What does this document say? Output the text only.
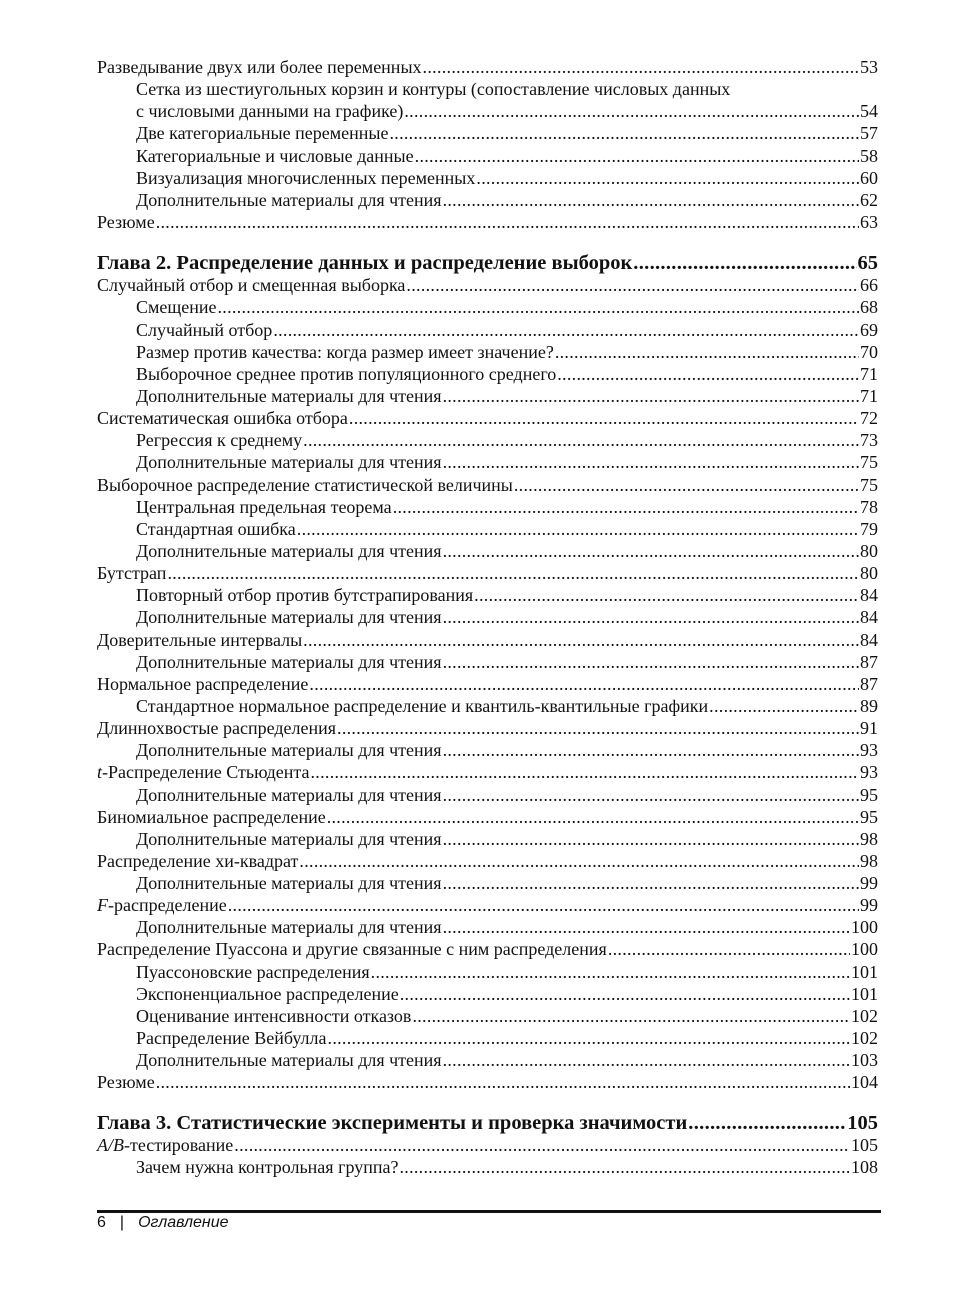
Разведывание двух или более переменных .....	53
Сетка из шестиугольных корзин и контуры (сопоставление числовых данных
с числовыми данными на графике) .....	54
Две категориальные переменные .....	57
Категориальные и числовые данные .....	58
Визуализация многочисленных переменных .....	60
Дополнительные материалы для чтения .....	62
Резюме .....	63
Глава 2. Распределение данных и распределение выборок .....	65
Случайный отбор и смещенная выборка .....	66
Смещение .....	68
Случайный отбор .....	69
Размер против качества: когда размер имеет значение? .....	70
Выборочное среднее против популяционного среднего .....	71
Дополнительные материалы для чтения .....	71
Систематическая ошибка отбора .....	72
Регрессия к среднему .....	73
Дополнительные материалы для чтения .....	75
Выборочное распределение статистической величины .....	75
Центральная предельная теорема .....	78
Стандартная ошибка .....	79
Дополнительные материалы для чтения .....	80
Бутстрап .....	80
Повторный отбор против бутстрапирования .....	84
Дополнительные материалы для чтения .....	84
Доверительные интервалы .....	84
Дополнительные материалы для чтения .....	87
Нормальное распределение .....	87
Стандартное нормальное распределение и квантиль-квантильные графики .....	89
Длиннохвостые распределения .....	91
Дополнительные материалы для чтения .....	93
t-Распределение Стьюдента .....	93
Дополнительные материалы для чтения .....	95
Биномиальное распределение .....	95
Дополнительные материалы для чтения .....	98
Распределение хи-квадрат .....	98
Дополнительные материалы для чтения .....	99
F-распределение .....	99
Дополнительные материалы для чтения .....	100
Распределение Пуассона и другие связанные с ним распределения .....	100
Пуассоновские распределения .....	101
Экспоненциальное распределение .....	101
Оценивание интенсивности отказов .....	102
Распределение Вейбулла .....	102
Дополнительные материалы для чтения .....	103
Резюме .....	104
Глава 3. Статистические эксперименты и проверка значимости .....	105
A/B-тестирование .....	105
Зачем нужна контрольная группа? .....	108
6 | Оглавление
